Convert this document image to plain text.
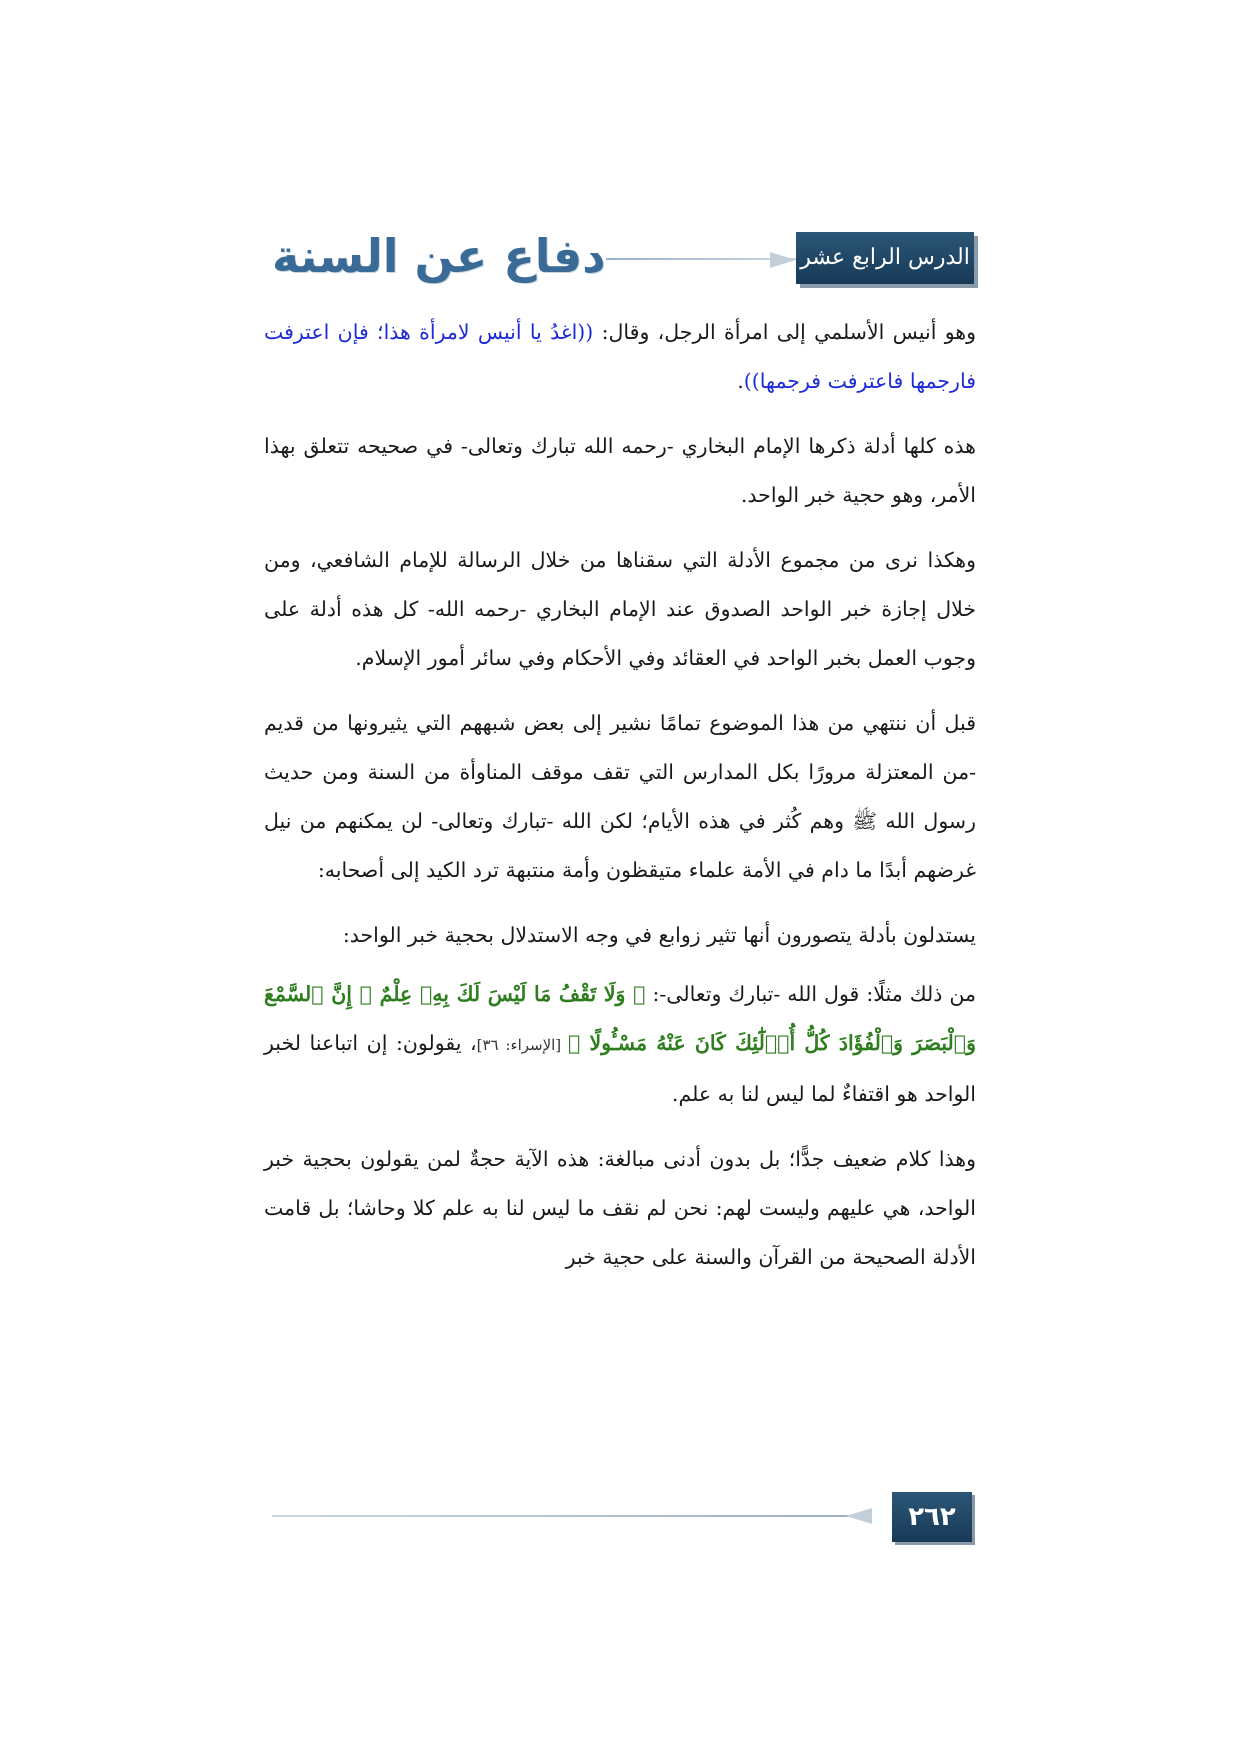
الدرس الرابع عشر
دفاع عن السنة

وهو أنيس الأسلمي إلى امرأة الرجل، وقال: ((اغدُ يا أنيس لامرأة هذا؛ فإن اعترفت فارجمها فاعترفت فرجمها)).

هذه كلها أدلة ذكرها الإمام البخاري -رحمه الله تبارك وتعالى- في صحيحه تتعلق بهذا الأمر، وهو حجية خبر الواحد.

وهكذا نرى من مجموع الأدلة التي سقناها من خلال الرسالة للإمام الشافعي، ومن خلال إجازة خبر الواحد الصدوق عند الإمام البخاري -رحمه الله- كل هذه أدلة على وجوب العمل بخبر الواحد في العقائد وفي الأحكام وفي سائر أمور الإسلام.

قبل أن ننتهي من هذا الموضوع تمامًا نشير إلى بعض شبههم التي يثيرونها من قديم -من المعتزلة مرورًا بكل المدارس التي تقف موقف المناوأة من السنة ومن حديث رسول الله ﷺ وهم كُثر في هذه الأيام؛ لكن الله -تبارك وتعالى- لن يمكنهم من نيل غرضهم أبدًا ما دام في الأمة علماء متيقظون وأمة منتبهة ترد الكيد إلى أصحابه:

يستدلون بأدلة يتصورون أنها تثير زوابع في وجه الاستدلال بحجية خبر الواحد:

من ذلك مثلًا: قول الله -تبارك وتعالى-: ﴿ وَلَا تَقْفُ مَا لَيْسَ لَكَ بِهِۦ عِلْمٌ ۚ إِنَّ ٱلسَّمْعَ وَٱلْبَصَرَ وَٱلْفُؤَادَ كُلُّ أُو۟لَٰٓئِكَ كَانَ عَنْهُ مَسْـُٔولًا ﴾ [الإسراء: ٣٦]، يقولون: إن اتباعنا لخبر الواحد هو اقتفاءٌ لما ليس لنا به علم.

وهذا كلام ضعيف جدًّا؛ بل بدون أدنى مبالغة: هذه الآية حجةٌ لمن يقولون بحجية خبر الواحد، هي عليهم وليست لهم: نحن لم نقف ما ليس لنا به علم كلا وحاشا؛ بل قامت الأدلة الصحيحة من القرآن والسنة على حجية خبر

٢٦٢
